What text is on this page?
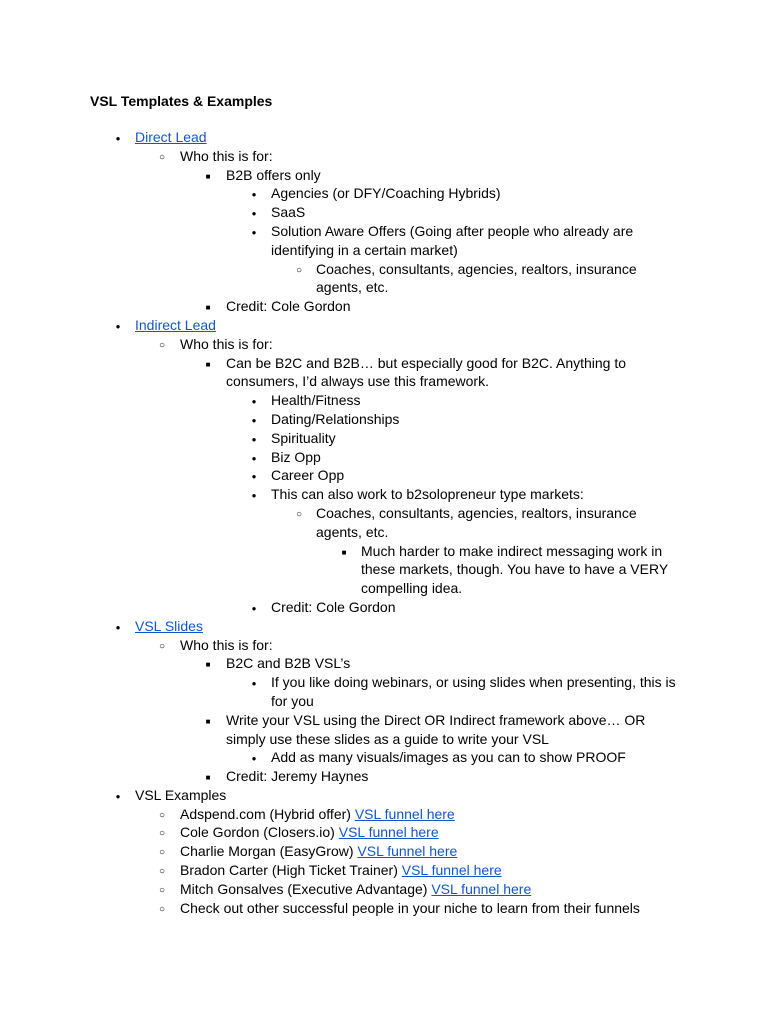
VSL Templates & Examples
●
Direct Lead
○
Who this is for:
■
B2B offers only
●
Agencies (or DFY/Coaching Hybrids)
●
SaaS
●
Solution Aware Offers (Going after people who already are identifying in a certain market)
○
Coaches, consultants, agencies, realtors, insurance agents, etc.
■
Credit: Cole Gordon
●
Indirect Lead
○
Who this is for:
■
Can be B2C and B2B… but especially good for B2C. Anything to consumers, I’d always use this framework.
●
Health/Fitness
●
Dating/Relationships
●
Spirituality
●
Biz Opp
●
Career Opp
●
This can also work to b2solopreneur type markets:
○
Coaches, consultants, agencies, realtors, insurance agents, etc.
■
Much harder to make indirect messaging work in these markets, though. You have to have a VERY compelling idea.
●
Credit: Cole Gordon
●
VSL Slides
○
Who this is for:
■
B2C and B2B VSL’s
●
If you like doing webinars, or using slides when presenting, this is for you
■
Write your VSL using the Direct OR Indirect framework above… OR simply use these slides as a guide to write your VSL
●
Add as many visuals/images as you can to show PROOF
■
Credit: Jeremy Haynes
●
VSL Examples
○
Adspend.com (Hybrid offer) VSL funnel here
○
Cole Gordon (Closers.io) VSL funnel here
○
Charlie Morgan (EasyGrow) VSL funnel here
○
Bradon Carter (High Ticket Trainer) VSL funnel here
○
Mitch Gonsalves (Executive Advantage) VSL funnel here
○
Check out other successful people in your niche to learn from their funnels
